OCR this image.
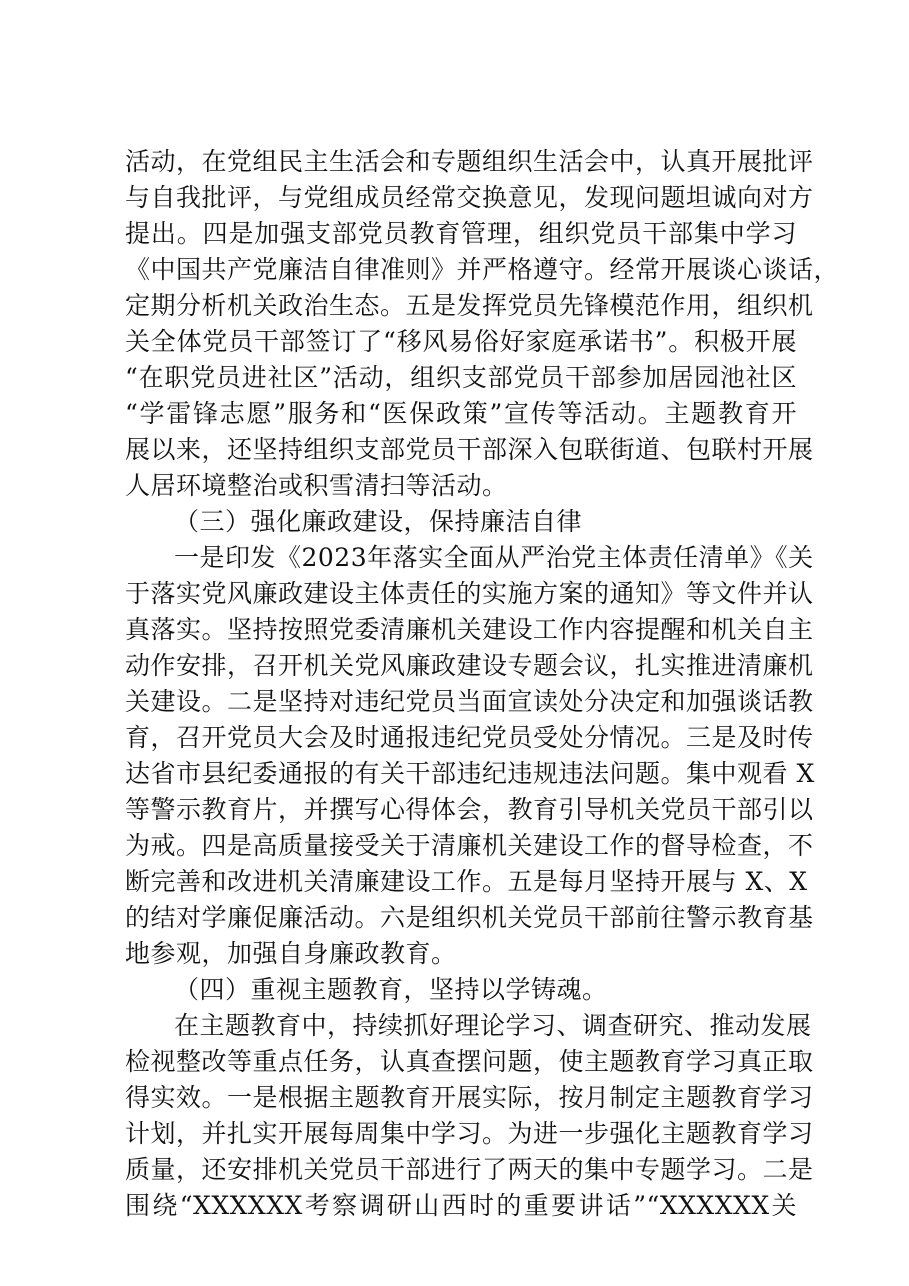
活动，在党组民主生活会和专题组织生活会中，认真开展批评
与自我批评，与党组成员经常交换意见，发现问题坦诚向对方
提出。四是加强支部党员教育管理，组织党员干部集中学习
《中国共产党廉洁自律准则》并严格遵守。经常开展谈心谈话，
定期分析机关政治生态。五是发挥党员先锋模范作用，组织机
关全体党员干部签订了“移风易俗好家庭承诺书”。积极开展
“在职党员进社区”活动，组织支部党员干部参加居园池社区
“学雷锋志愿”服务和“医保政策”宣传等活动。主题教育开
展以来，还坚持组织支部党员干部深入包联街道、包联村开展
人居环境整治或积雪清扫等活动。
（三）强化廉政建设，保持廉洁自律
一是印发《2023年落实全面从严治党主体责任清单》《关
于落实党风廉政建设主体责任的实施方案的通知》等文件并认
真落实。坚持按照党委清廉机关建设工作内容提醒和机关自主
动作安排，召开机关党风廉政建设专题会议，扎实推进清廉机
关建设。二是坚持对违纪党员当面宣读处分决定和加强谈话教
育，召开党员大会及时通报违纪党员受处分情况。三是及时传
达省市县纪委通报的有关干部违纪违规违法问题。集中观看 X
等警示教育片，并撰写心得体会，教育引导机关党员干部引以
为戒。四是高质量接受关于清廉机关建设工作的督导检查，不
断完善和改进机关清廉建设工作。五是每月坚持开展与 X、X
的结对学廉促廉活动。六是组织机关党员干部前往警示教育基
地参观，加强自身廉政教育。
（四）重视主题教育，坚持以学铸魂。
在主题教育中，持续抓好理论学习、调查研究、推动发展
检视整改等重点任务，认真查摆问题，使主题教育学习真正取
得实效。一是根据主题教育开展实际，按月制定主题教育学习
计划，并扎实开展每周集中学习。为进一步强化主题教育学习
质量，还安排机关党员干部进行了两天的集中专题学习。二是
围绕“XXXXXX考察调研山西时的重要讲话”“XXXXXX关
